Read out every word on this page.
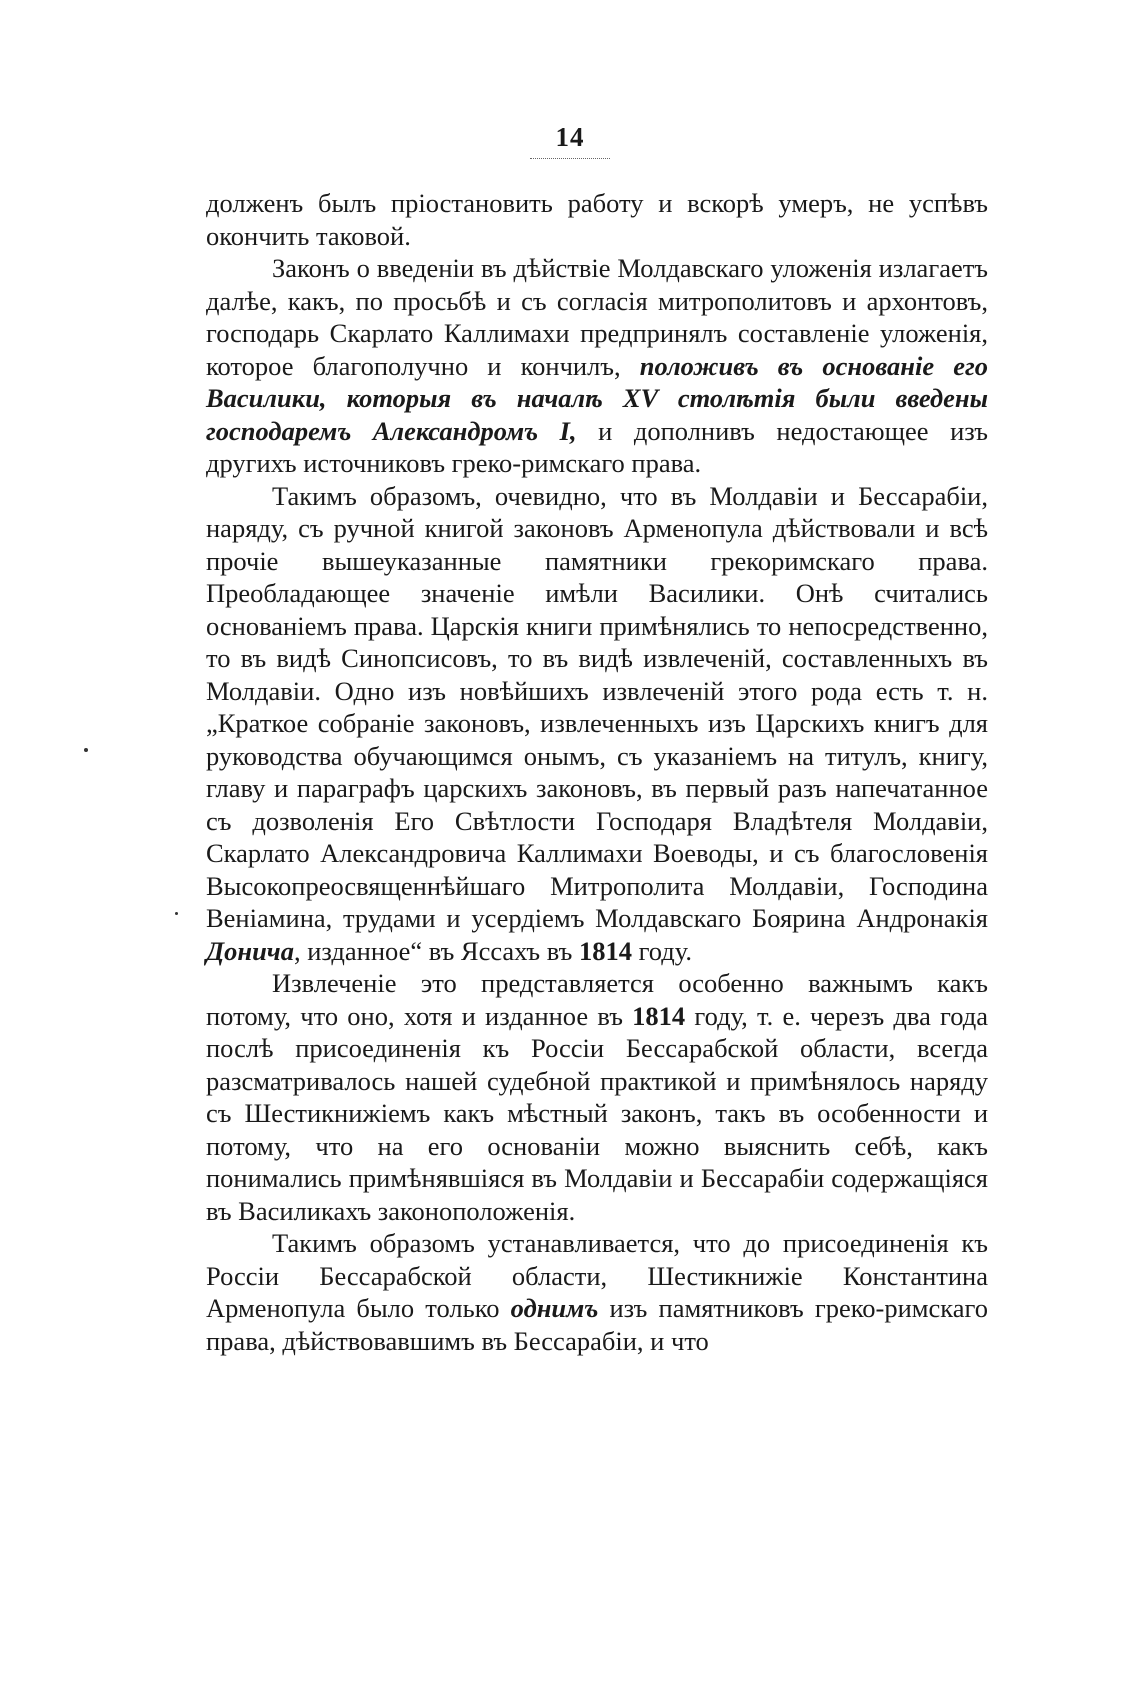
14

долженъ былъ пріостановить работу и вскорѣ умеръ, не успѣвъ окончить таковой.

Законъ о введеніи въ дѣйствіе Молдавскаго уложенія излагаетъ далѣе, какъ, по просьбѣ и съ согласія митрополитовъ и архонтовъ, господарь Скарлато Каллимахи предпринялъ составленіе уложенія, которое благополучно и кончилъ, положивъ въ основаніе его Василики, которыя въ началѣ XV столѣтія были введены господаремъ Александромъ I, и дополнивъ недостающее изъ другихъ источниковъ греко-римскаго права.

Такимъ образомъ, очевидно, что въ Молдавіи и Бессарабіи, наряду, съ ручной книгой законовъ Арменопула дѣйствовали и всѣ прочіе вышеуказанные памятники грекоримскаго права. Преобладающее значеніе имѣли Василики. Онѣ считались основаніемъ права. Царскія книги примѣнялись то непосредственно, то въ видѣ Синопсисовъ, то въ видѣ извлеченій, составленныхъ въ Молдавіи. Одно изъ новѣйшихъ извлеченій этого рода есть т. н. „Краткое собраніе законовъ, извлеченныхъ изъ Царскихъ книгъ для руководства обучающимся онымъ, съ указаніемъ на титулъ, книгу, главу и параграфъ царскихъ законовъ, въ первый разъ напечатанное съ дозволенія Его Свѣтлости Господаря Владѣтеля Молдавіи, Скарлато Александровича Каллимахи Воеводы, и съ благословенія Высокопреосвященнѣйшаго Митрополита Молдавіи, Господина Веніамина, трудами и усердіемъ Молдавскаго Боярина Андронакія Донича, изданное“ въ Яссахъ въ 1814 году.

Извлеченіе это представляется особенно важнымъ какъ потому, что оно, хотя и изданное въ 1814 году, т. е. черезъ два года послѣ присоединенія къ Россіи Бессарабской области, всегда разсматривалось нашей судебной практикой и примѣнялось наряду съ Шестикнижіемъ какъ мѣстный законъ, такъ въ особенности и потому, что на его основаніи можно выяснить себѣ, какъ понимались примѣнявшіяся въ Молдавіи и Бессарабіи содержащіяся въ Василикахъ законоположенія.

Такимъ образомъ устанавливается, что до присоединенія къ Россіи Бессарабской области, Шестикнижіе Константина Арменопула было только однимъ изъ памятниковъ греко-римскаго права, дѣйствовавшимъ въ Бессарабіи, и что
